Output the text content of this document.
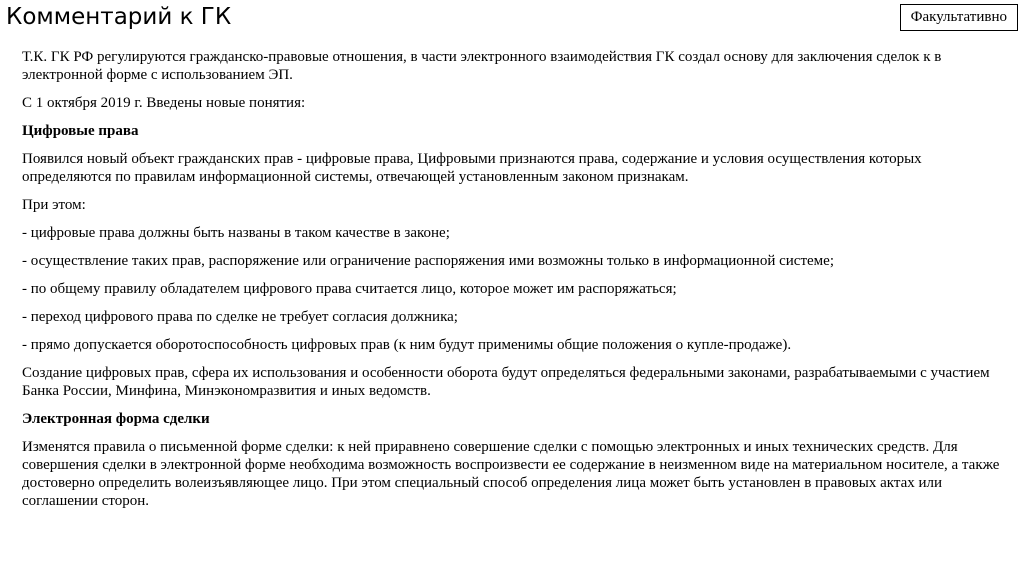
Комментарий к ГК	Факультативно

Т.К. ГК РФ регулируются гражданско-правовые отношения, в части электронного взаимодействия ГК создал основу для заключения сделок к в электронной форме с использованием ЭП.

С 1 октября 2019 г. Введены новые понятия:

Цифровые права

Появился новый объект гражданских прав - цифровые права, Цифровыми признаются права, содержание и условия осуществления которых определяются по правилам информационной системы, отвечающей установленным законом признакам.

При этом:

- цифровые права должны быть названы в таком качестве в законе;

- осуществление таких прав, распоряжение или ограничение распоряжения ими возможны только в информационной системе;

- по общему правилу обладателем цифрового права считается лицо, которое может им распоряжаться;

- переход цифрового права по сделке не требует согласия должника;

- прямо допускается оборотоспособность цифровых прав (к ним будут применимы общие положения о купле-продаже).

Создание цифровых прав, сфера их использования и особенности оборота будут определяться федеральными законами, разрабатываемыми с участием Банка России, Минфина, Минэкономразвития и иных ведомств.

Электронная форма сделки

Изменятся правила о письменной форме сделки: к ней приравнено совершение сделки с помощью электронных и иных технических средств. Для совершения сделки в электронной форме необходима возможность воспроизвести ее содержание в неизменном виде на материальном носителе, а также достоверно определить волеизъявляющее лицо. При этом специальный способ определения лица может быть установлен в правовых актах или соглашении сторон.
